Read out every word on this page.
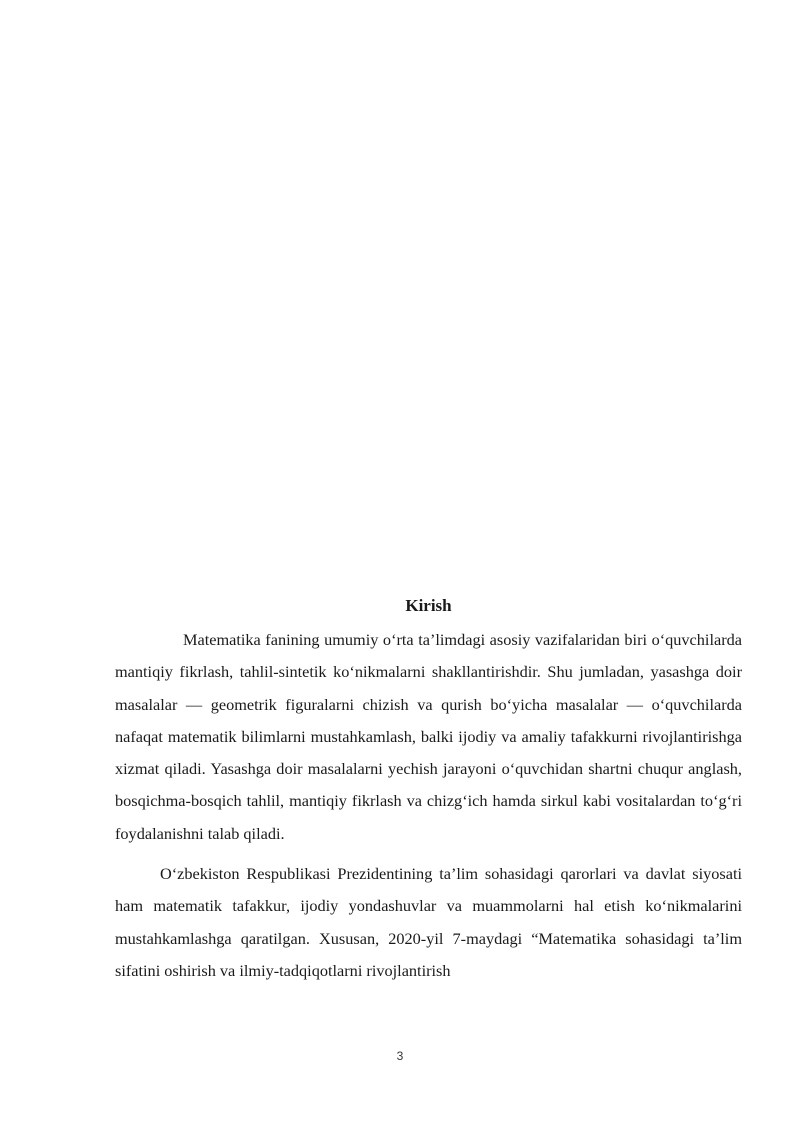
Kirish

Matematika fanining umumiy o‘rta ta’limdagi asosiy vazifalaridan biri o‘quvchilarda mantiqiy fikrlash, tahlil-sintetik ko‘nikmalarni shakllantirishdir. Shu jumladan, yasashga doir masalalar — geometrik figuralarni chizish va qurish bo‘yicha masalalar — o‘quvchilarda nafaqat matematik bilimlarni mustahkamlash, balki ijodiy va amaliy tafakkurni rivojlantirishga xizmat qiladi. Yasashga doir masalalarni yechish jarayoni o‘quvchidan shartni chuqur anglash, bosqichma-bosqich tahlil, mantiqiy fikrlash va chizg‘ich hamda sirkul kabi vositalardan to‘g‘ri foydalanishni talab qiladi.

O‘zbekiston Respublikasi Prezidentining ta’lim sohasidagi qarorlari va davlat siyosati ham matematik tafakkur, ijodiy yondashuvlar va muammolarni hal etish ko‘nikmalarini mustahkamlashga qaratilgan. Xususan, 2020-yil 7-maydagi “Matematika sohasidagi ta’lim sifatini oshirish va ilmiy-tadqiqotlarni rivojlantirish

3
